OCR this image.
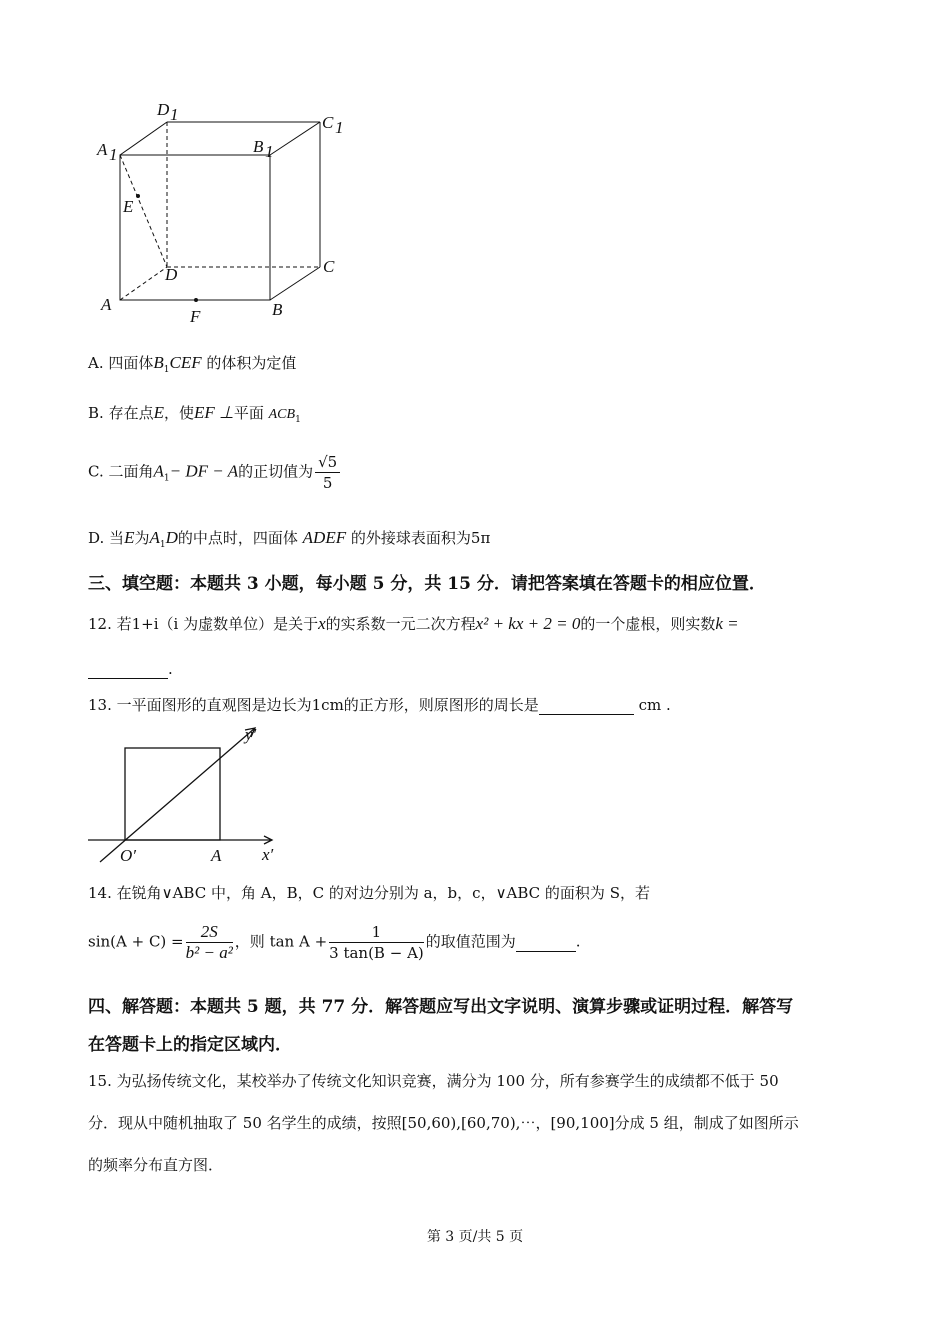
D 1	C 1
A 1	B 1
E
D	C
A
F	B
A. 四面体$B_1CEF$ 的体积为定值
B. 存在点E，使EF ⊥平面 $ACB_1$
C. 二面角$A_1-$ DF − A的正切值为 $\frac{√5}{5}$
D. 当E为$A_1D$的中点时，四面体 ADEF 的外接球表面积为5π
三、填空题：本题共 3 小题，每小题 5 分，共 15 分．请把答案填在答题卡的相应位置．
12. 若1+i（i 为虚数单位）是关于x的实系数一元二次方程x² + kx + 2 = 0的一个虚根，则实数k =
.
13. 一平面图形的直观图是边长为1cm的正方形，则原图形的周长是	cm .
y′
x′
O′	A
14. 在锐角∨ABC 中，角 A，B，C 的对边分别为 a，b，c，∨ABC 的面积为 S，若
$\sin(A + C) = \frac{2S}{\text{b² − a²}}$ ，则 $\tan A + \frac{1}{3 \tan(B - A)}$ 的取值范围为	.
四、解答题：本题共 5 题，共 77 分．解答题应写出文字说明、演算步骤或证明过程．解答写
在答题卡上的指定区域内．
15. 为弘扬传统文化，某校举办了传统文化知识竞赛，满分为 100 分，所有参赛学生的成绩都不低于 50
分．现从中随机抽取了 50 名学生的成绩，按照[50,60),[60,70),⋯，[90,100]分成 5 组，制成了如图所示
的频率分布直方图．
第 3 页/共 5 页
